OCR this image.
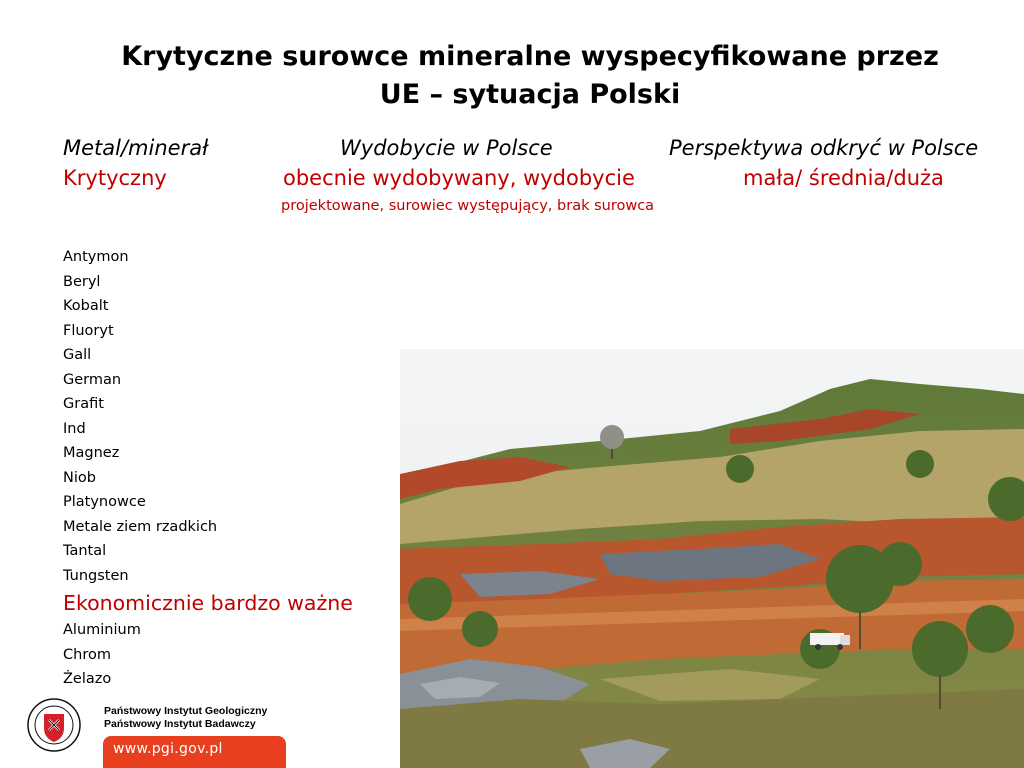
Krytyczne surowce mineralne wyspecyfikowane przez
UE – sytuacja Polski
Metal/minerał	Wydobycie w Polsce	Perspektywa odkryć w Polsce
Krytyczny	obecnie wydobywany, wydobycie	mała/ średnia/duża
projektowane, surowiec występujący, brak surowca
Antymon
Beryl
Kobalt
Fluoryt
Gall
German
Grafit
Ind
Magnez
Niob
Platynowce
Metale ziem rzadkich
Tantal
Tungsten
Ekonomicznie bardzo ważne
Aluminium
Chrom
Żelazo
Państwowy Instytut Geologiczny
Państwowy Instytut Badawczy
www.pgi.gov.pl
